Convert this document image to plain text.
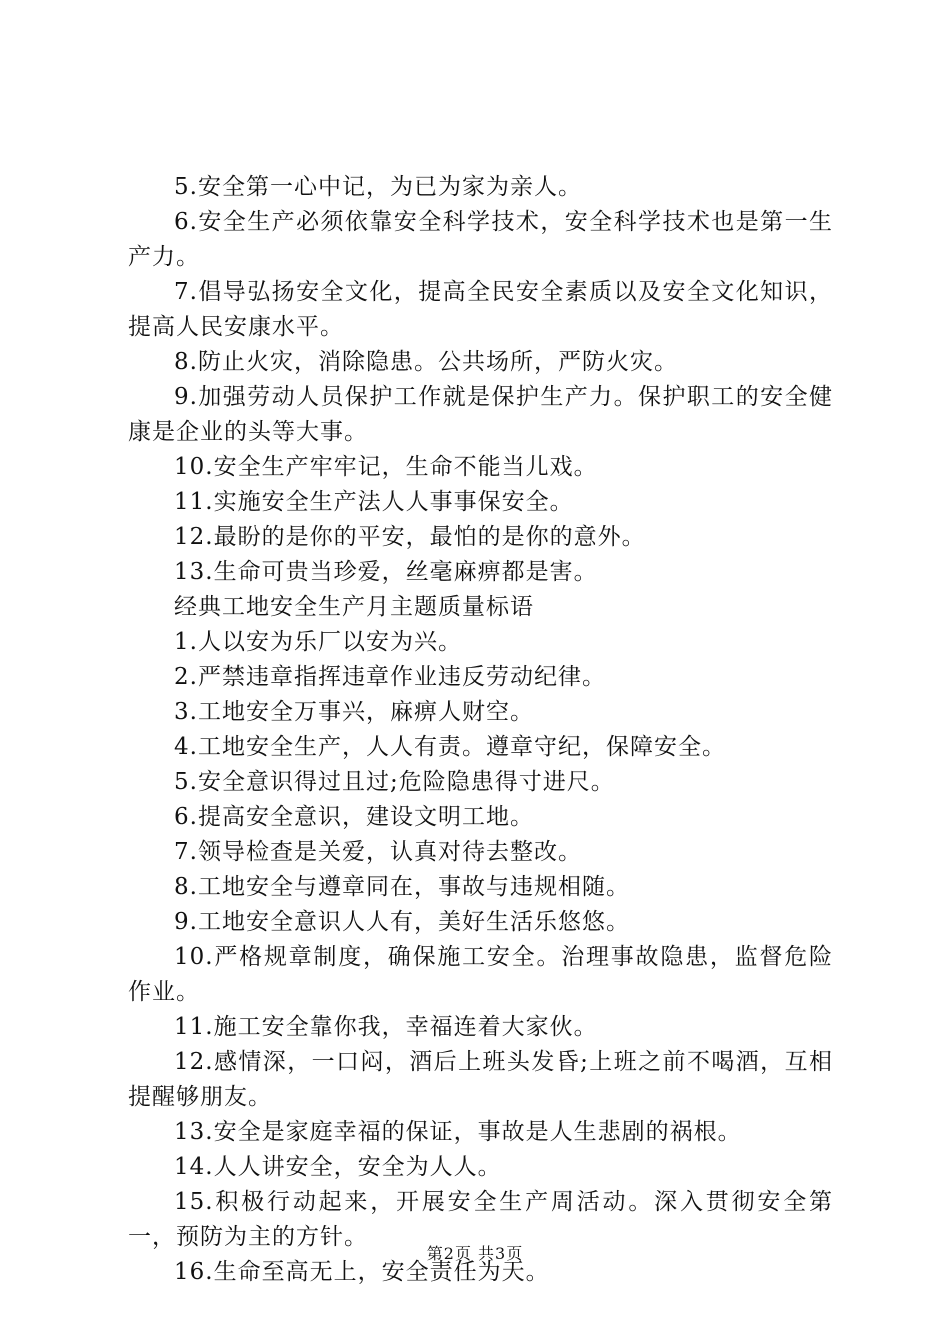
5.安全第一心中记，为已为家为亲人。

6.安全生产必须依靠安全科学技术，安全科学技术也是第一生产力。

7.倡导弘扬安全文化，提高全民安全素质以及安全文化知识，提高人民安康水平。

8.防止火灾，消除隐患。公共场所，严防火灾。

9.加强劳动人员保护工作就是保护生产力。保护职工的安全健康是企业的头等大事。

10.安全生产牢牢记，生命不能当儿戏。

11.实施安全生产法人人事事保安全。

12.最盼的是你的平安，最怕的是你的意外。

13.生命可贵当珍爱，丝毫麻痹都是害。

经典工地安全生产月主题质量标语

1.人以安为乐厂以安为兴。

2.严禁违章指挥违章作业违反劳动纪律。

3.工地安全万事兴，麻痹人财空。

4.工地安全生产，人人有责。遵章守纪，保障安全。

5.安全意识得过且过;危险隐患得寸进尺。

6.提高安全意识，建设文明工地。

7.领导检查是关爱，认真对待去整改。

8.工地安全与遵章同在，事故与违规相随。

9.工地安全意识人人有，美好生活乐悠悠。

10.严格规章制度，确保施工安全。治理事故隐患，监督危险作业。

11.施工安全靠你我，幸福连着大家伙。

12.感情深，一口闷，酒后上班头发昏;上班之前不喝酒，互相提醒够朋友。

13.安全是家庭幸福的保证，事故是人生悲剧的祸根。

14.人人讲安全，安全为人人。

15.积极行动起来，开展安全生产周活动。深入贯彻安全第一，预防为主的方针。

16.生命至高无上，安全责任为天。

第2页 共3页
